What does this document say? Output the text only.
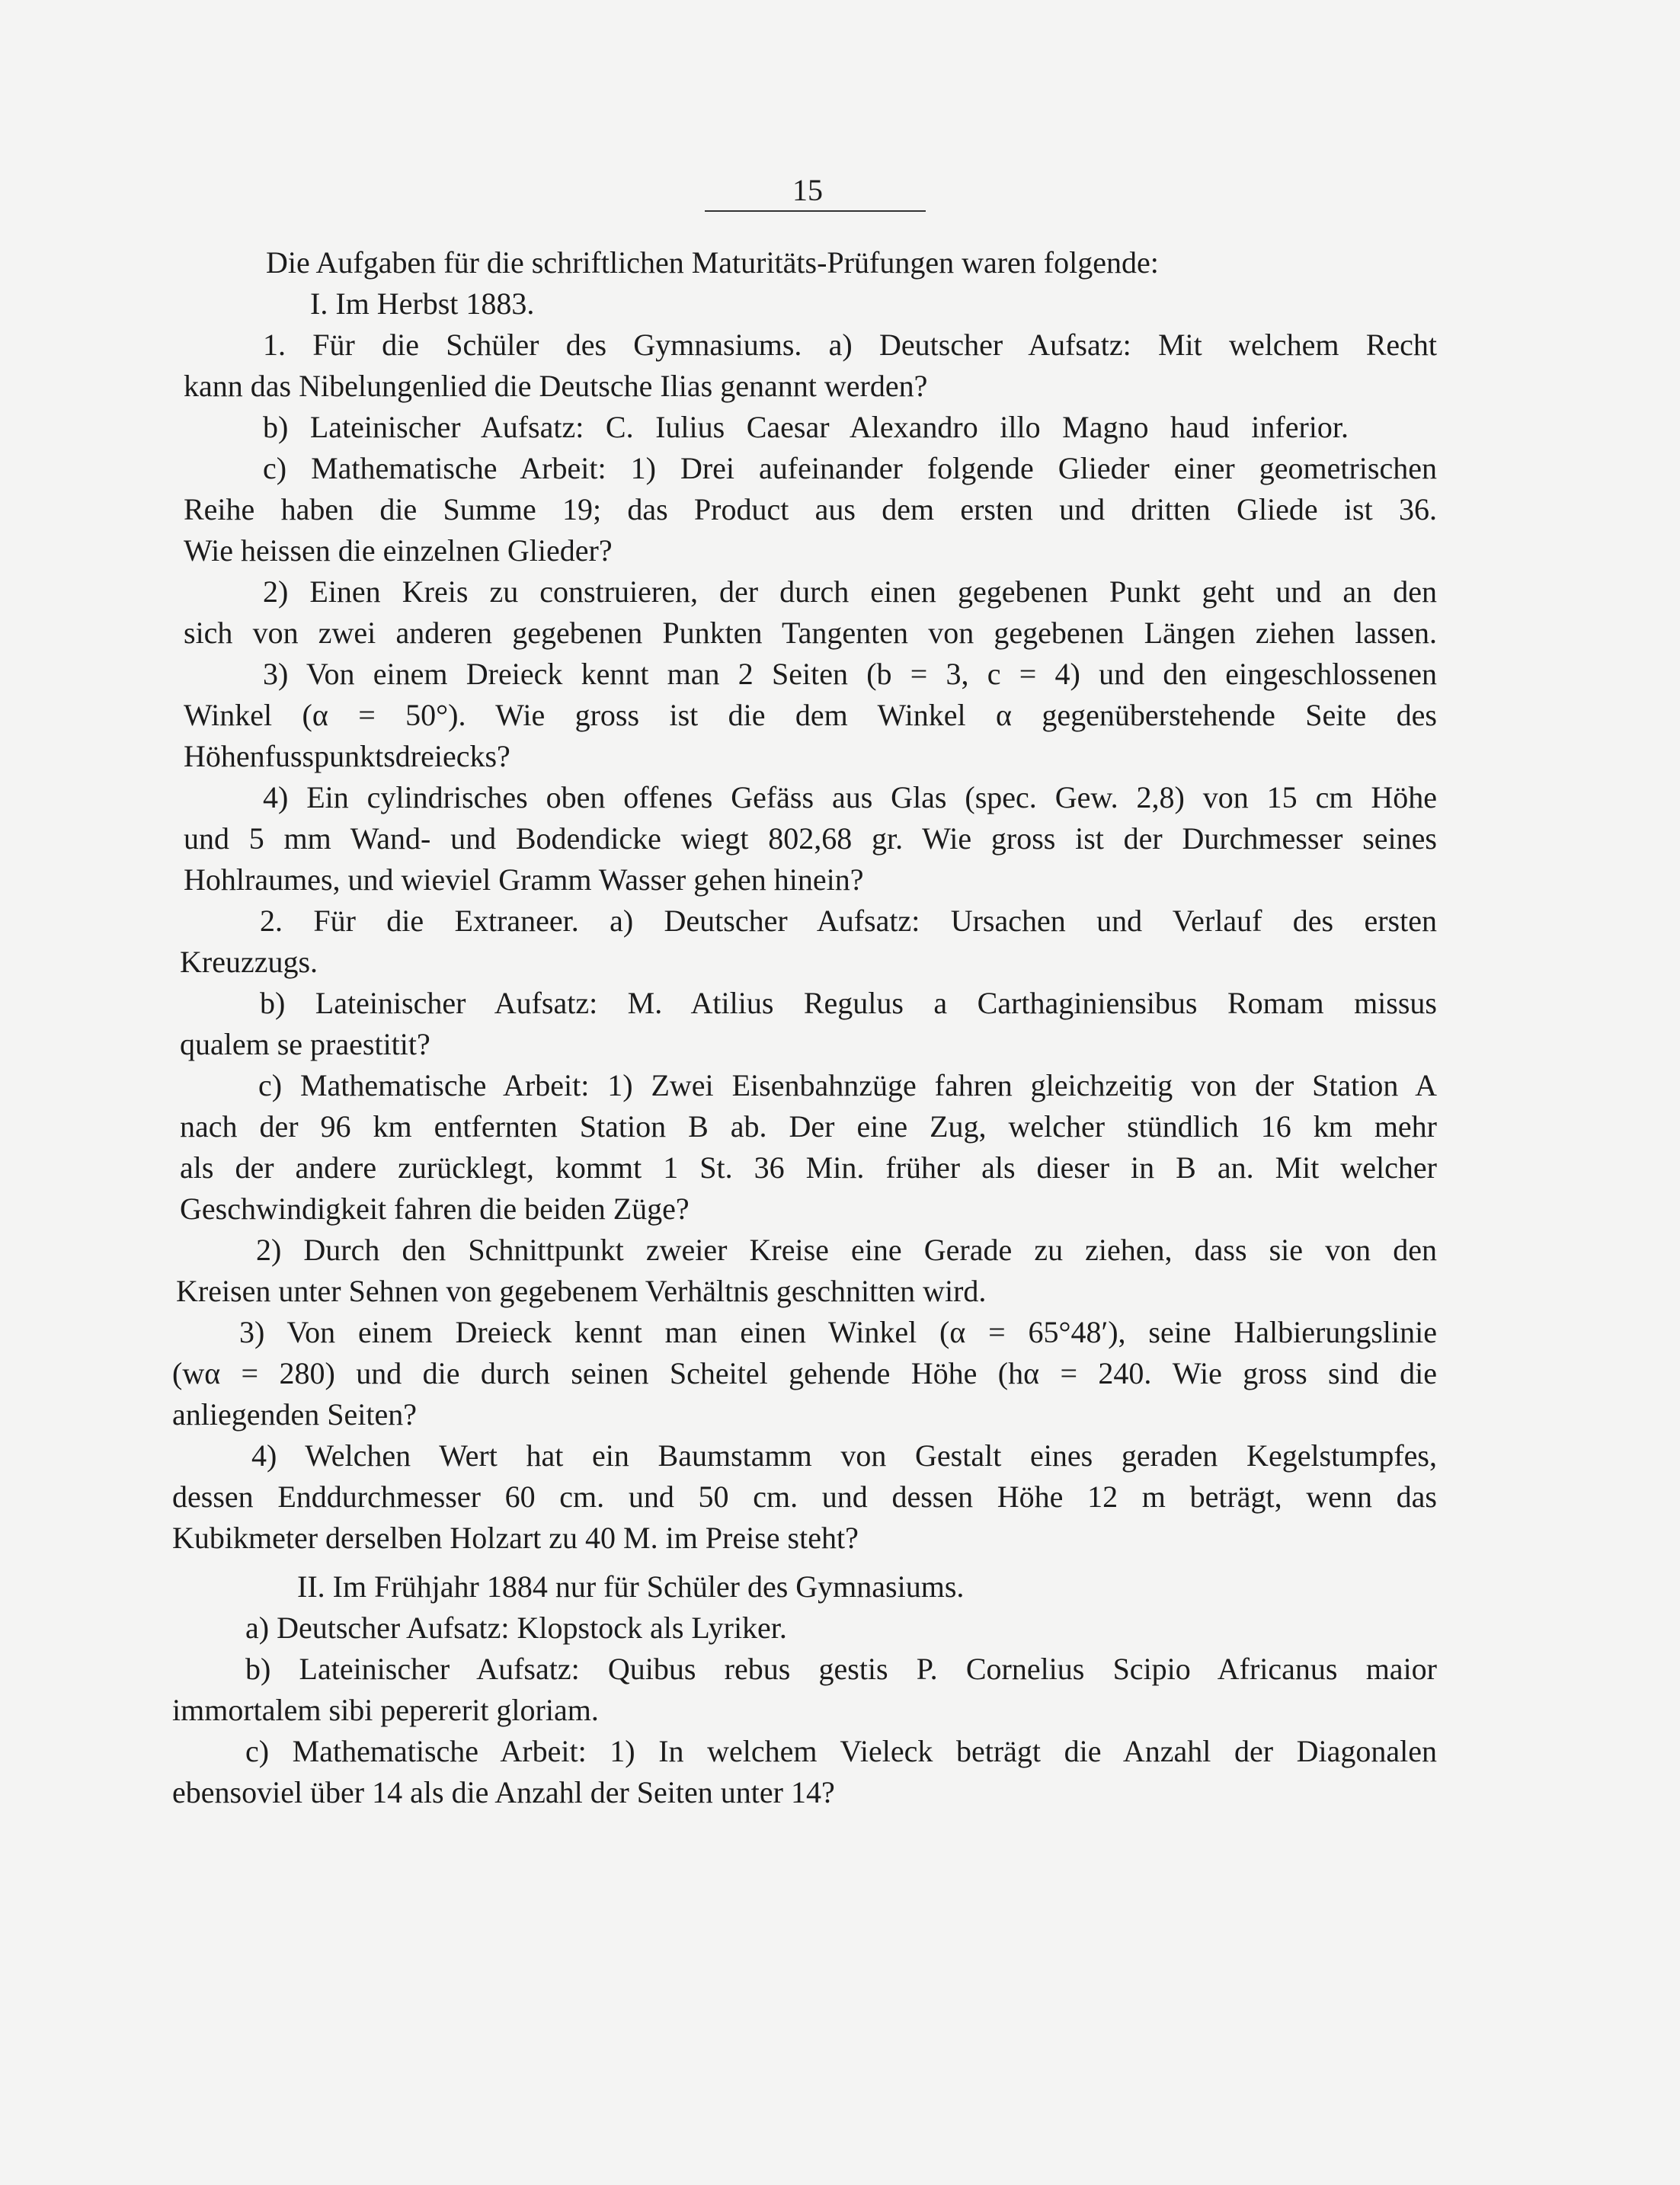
15
Die Aufgaben für die schriftlichen Maturitäts-Prüfungen waren folgende:
I. Im Herbst 1883.
1. Für die Schüler des Gymnasiums. a) Deutscher Aufsatz: Mit welchem Recht
kann das Nibelungenlied die Deutsche Ilias genannt werden?
b) Lateinischer Aufsatz: C. Iulius Caesar Alexandro illo Magno haud inferior.
c) Mathematische Arbeit: 1) Drei aufeinander folgende Glieder einer geometrischen
Reihe haben die Summe 19; das Product aus dem ersten und dritten Gliede ist 36.
Wie heissen die einzelnen Glieder?
2) Einen Kreis zu construieren, der durch einen gegebenen Punkt geht und an den
sich von zwei anderen gegebenen Punkten Tangenten von gegebenen Längen ziehen lassen.
3) Von einem Dreieck kennt man 2 Seiten (b = 3, c = 4) und den eingeschlossenen
Winkel (α = 50°). Wie gross ist die dem Winkel α gegenüberstehende Seite des
Höhenfusspunktsdreiecks?
4) Ein cylindrisches oben offenes Gefäss aus Glas (spec. Gew. 2,8) von 15 cm Höhe
und 5 mm Wand- und Bodendicke wiegt 802,68 gr. Wie gross ist der Durchmesser seines
Hohlraumes, und wieviel Gramm Wasser gehen hinein?
2. Für die Extraneer. a) Deutscher Aufsatz: Ursachen und Verlauf des ersten
Kreuzzugs.
b) Lateinischer Aufsatz: M. Atilius Regulus a Carthaginiensibus Romam missus
qualem se praestitit?
c) Mathematische Arbeit: 1) Zwei Eisenbahnzüge fahren gleichzeitig von der Station A
nach der 96 km entfernten Station B ab. Der eine Zug, welcher stündlich 16 km mehr
als der andere zurücklegt, kommt 1 St. 36 Min. früher als dieser in B an. Mit welcher
Geschwindigkeit fahren die beiden Züge?
2) Durch den Schnittpunkt zweier Kreise eine Gerade zu ziehen, dass sie von den
Kreisen unter Sehnen von gegebenem Verhältnis geschnitten wird.
3) Von einem Dreieck kennt man einen Winkel (α = 65°48′), seine Halbierungslinie
(wα = 280) und die durch seinen Scheitel gehende Höhe (hα = 240. Wie gross sind die
anliegenden Seiten?
4) Welchen Wert hat ein Baumstamm von Gestalt eines geraden Kegelstumpfes,
dessen Enddurchmesser 60 cm. und 50 cm. und dessen Höhe 12 m beträgt, wenn das
Kubikmeter derselben Holzart zu 40 M. im Preise steht?
II. Im Frühjahr 1884 nur für Schüler des Gymnasiums.
a) Deutscher Aufsatz: Klopstock als Lyriker.
b) Lateinischer Aufsatz: Quibus rebus gestis P. Cornelius Scipio Africanus maior
immortalem sibi pepererit gloriam.
c) Mathematische Arbeit: 1) In welchem Vieleck beträgt die Anzahl der Diagonalen
ebensoviel über 14 als die Anzahl der Seiten unter 14?
